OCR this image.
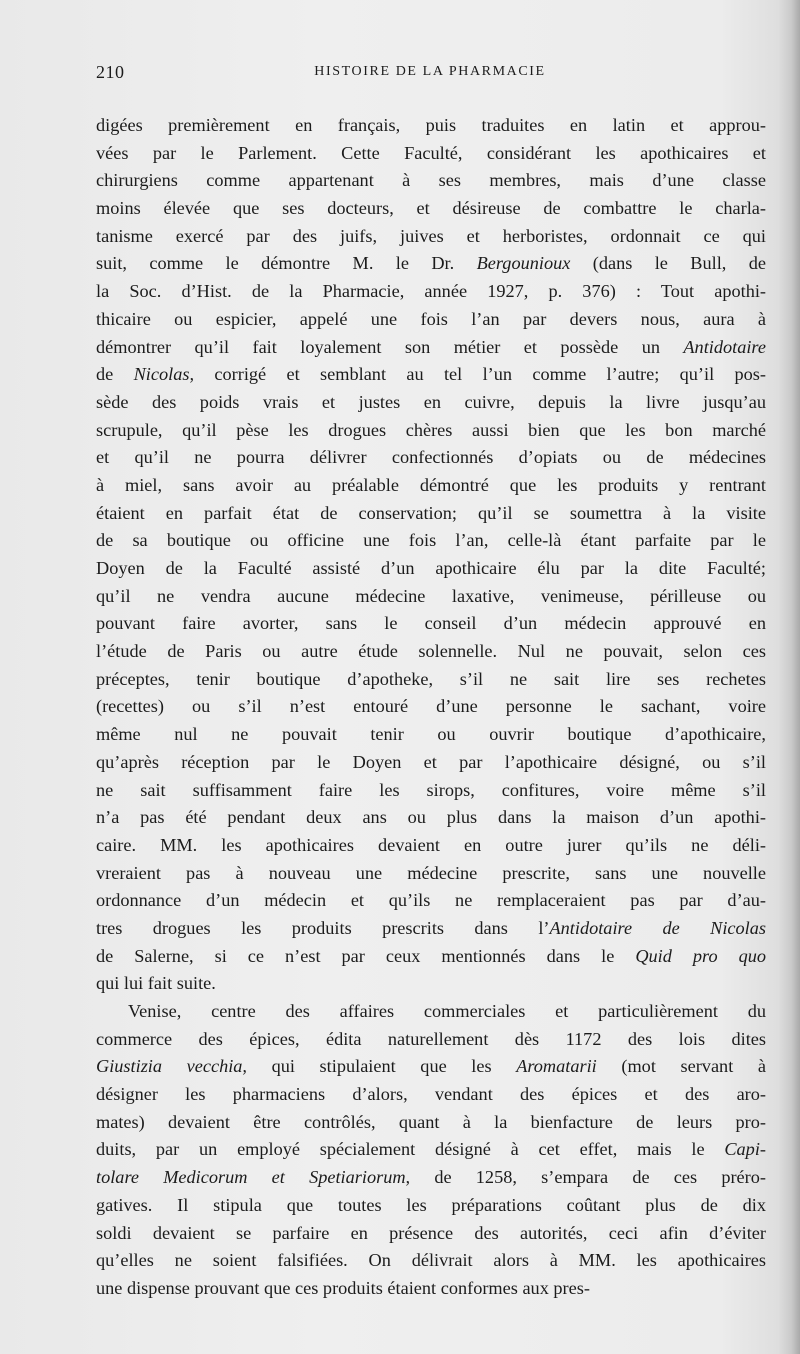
210	HISTOIRE DE LA PHARMACIE
digées premièrement en français, puis traduites en latin et approu-
vées par le Parlement. Cette Faculté, considérant les apothicaires et
chirurgiens comme appartenant à ses membres, mais d’une classe
moins élevée que ses docteurs, et désireuse de combattre le charla-
tanisme exercé par des juifs, juives et herboristes, ordonnait ce qui
suit, comme le démontre M. le Dr. Bergounioux (dans le Bull, de
la Soc. d’Hist. de la Pharmacie, année 1927, p. 376) : Tout apothi-
thicaire ou espicier, appelé une fois l’an par devers nous, aura à
démontrer qu’il fait loyalement son métier et possède un Antidotaire
de Nicolas, corrigé et semblant au tel l’un comme l’autre; qu’il pos-
sède des poids vrais et justes en cuivre, depuis la livre jusqu’au
scrupule, qu’il pèse les drogues chères aussi bien que les bon marché
et qu’il ne pourra délivrer confectionnés d’opiats ou de médecines
à miel, sans avoir au préalable démontré que les produits y rentrant
étaient en parfait état de conservation; qu’il se soumettra à la visite
de sa boutique ou officine une fois l’an, celle-là étant parfaite par le
Doyen de la Faculté assisté d’un apothicaire élu par la dite Faculté;
qu’il ne vendra aucune médecine laxative, venimeuse, périlleuse ou
pouvant faire avorter, sans le conseil d’un médecin approuvé en
l’étude de Paris ou autre étude solennelle. Nul ne pouvait, selon ces
préceptes, tenir boutique d’apotheke, s’il ne sait lire ses rechetes
(recettes) ou s’il n’est entouré d’une personne le sachant, voire
même nul ne pouvait tenir ou ouvrir boutique d’apothicaire,
qu’après réception par le Doyen et par l’apothicaire désigné, ou s’il
ne sait suffisamment faire les sirops, confitures, voire même s’il
n’a pas été pendant deux ans ou plus dans la maison d’un apothi-
caire. MM. les apothicaires devaient en outre jurer qu’ils ne déli-
vreraient pas à nouveau une médecine prescrite, sans une nouvelle
ordonnance d’un médecin et qu’ils ne remplaceraient pas par d’au-
tres drogues les produits prescrits dans l’Antidotaire de Nicolas
de Salerne, si ce n’est par ceux mentionnés dans le Quid pro quo
qui lui fait suite.
Venise, centre des affaires commerciales et particulièrement du
commerce des épices, édita naturellement dès 1172 des lois dites
Giustizia vecchia, qui stipulaient que les Aromatarii (mot servant à
désigner les pharmaciens d’alors, vendant des épices et des aro-
mates) devaient être contrôlés, quant à la bienfacture de leurs pro-
duits, par un employé spécialement désigné à cet effet, mais le Capi-
tolare Medicorum et Spetiariorum, de 1258, s’empara de ces préro-
gatives. Il stipula que toutes les préparations coûtant plus de dix
soldi devaient se parfaire en présence des autorités, ceci afin d’éviter
qu’elles ne soient falsifiées. On délivrait alors à MM. les apothicaires
une dispense prouvant que ces produits étaient conformes aux pres-
